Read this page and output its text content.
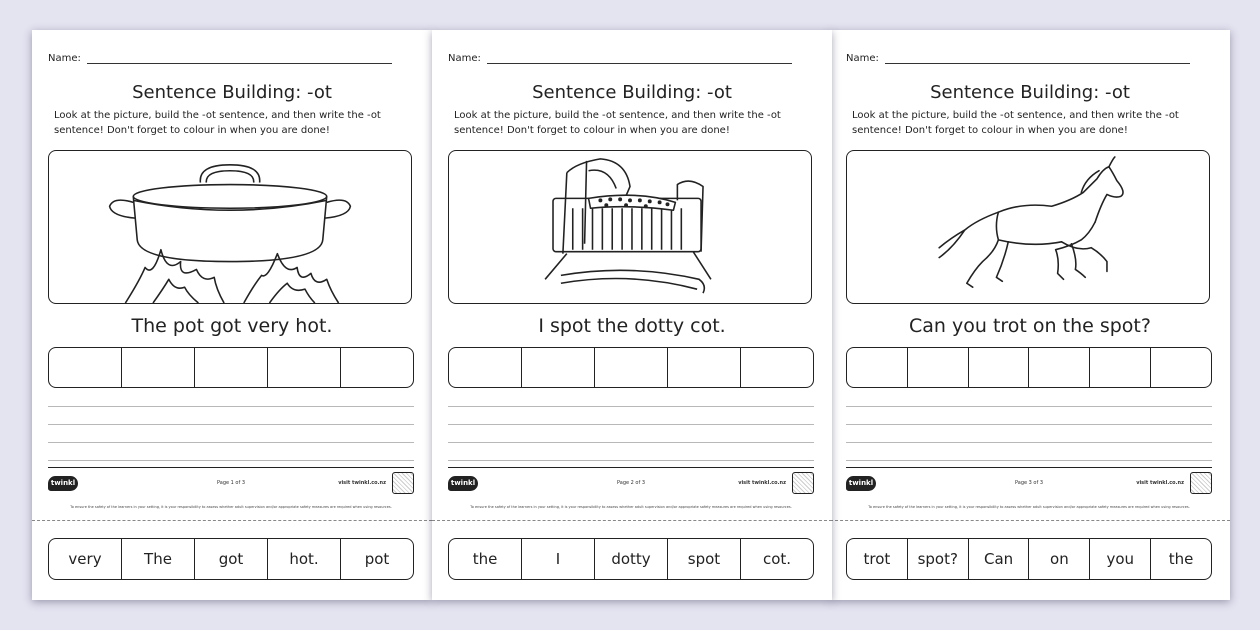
Name:
Sentence Building: -ot
Look at the picture, build the -ot sentence, and then write the -ot sentence! Don't forget to colour in when you are done!
The pot got very hot.
twinkl	Page 1 of 3	visit twinkl.co.nz
To ensure the safety of the learners in your setting, it is your responsibility to assess whether adult supervision and/or appropriate safety measures are required when using resources.
very	The	got	hot.	pot
Name:
Sentence Building: -ot
Look at the picture, build the -ot sentence, and then write the -ot sentence! Don't forget to colour in when you are done!
I spot the dotty cot.
twinkl	Page 2 of 3	visit twinkl.co.nz
To ensure the safety of the learners in your setting, it is your responsibility to assess whether adult supervision and/or appropriate safety measures are required when using resources.
the	I	dotty	spot	cot.
Name:
Sentence Building: -ot
Look at the picture, build the -ot sentence, and then write the -ot sentence! Don't forget to colour in when you are done!
Can you trot on the spot?
twinkl	Page 3 of 3	visit twinkl.co.nz
To ensure the safety of the learners in your setting, it is your responsibility to assess whether adult supervision and/or appropriate safety measures are required when using resources.
trot	spot?	Can	on	you	the
